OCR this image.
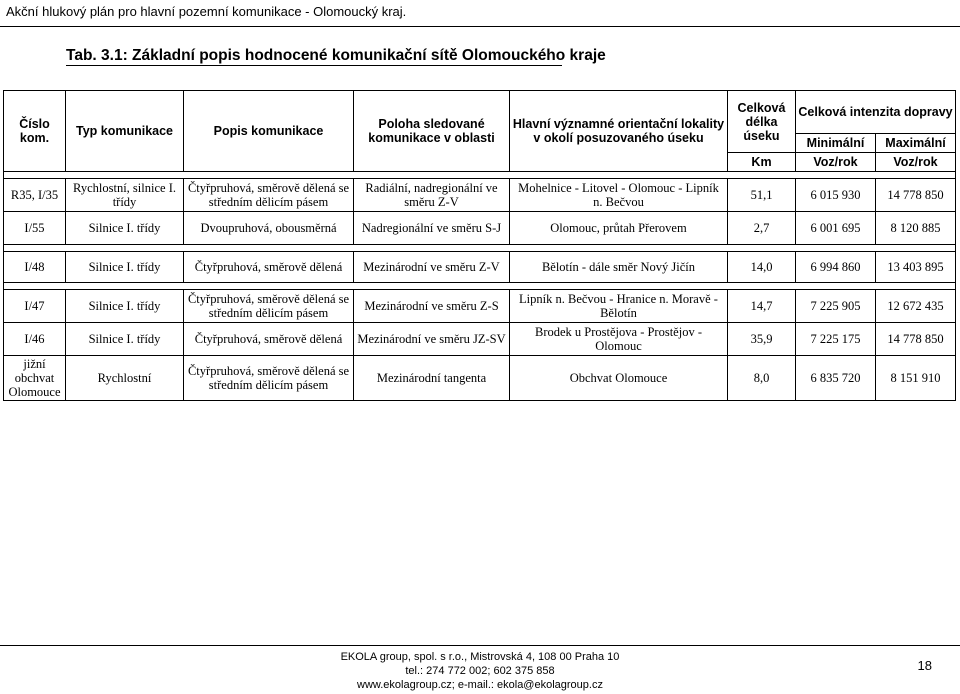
Akční hlukový plán pro hlavní pozemní komunikace - Olomoucký kraj.
Tab. 3.1: Základní popis hodnocené komunikační sítě Olomouckého kraje
Číslo kom.	Typ komunikace	Popis komunikace	Poloha sledované komunikace v oblasti	Hlavní významné orientační lokality v okolí posuzovaného úseku	Celková délka úseku	Celková intenzita dopravy	
						Minimální	Maximální
					Km	Voz/rok	Voz/rok

R35, I/35	Rychlostní, silnice I. třídy	Čtyřpruhová, směrově dělená se středním dělicím pásem	Radiální, nadregionální ve směru Z-V	Mohelnice - Litovel - Olomouc - Lipník n. Bečvou	51,1	6 015 930	14 778 850
I/55	Silnice I. třídy	Dvoupruhová, obousměrná	Nadregionální ve směru S-J	Olomouc, průtah Přerovem	2,7	6 001 695	8 120 885

I/48	Silnice I. třídy	Čtyřpruhová, směrově dělená	Mezinárodní ve směru Z-V	Bělotín - dále směr Nový Jičín	14,0	6 994 860	13 403 895

I/47	Silnice I. třídy	Čtyřpruhová, směrově dělená se středním dělicím pásem	Mezinárodní ve směru Z-S	Lipník n. Bečvou - Hranice n. Moravě - Bělotín	14,7	7 225 905	12 672 435
I/46	Silnice I. třídy	Čtyřpruhová, směrově dělená	Mezinárodní ve směru JZ-SV	Brodek u Prostějova - Prostějov - Olomouc	35,9	7 225 175	14 778 850
jižní obchvat Olomouce	Rychlostní	Čtyřpruhová, směrově dělená se středním dělicím pásem	Mezinárodní tangenta	Obchvat Olomouce	8,0	6 835 720	8 151 910
EKOLA group, spol. s r.o., Mistrovská 4, 108 00 Praha 10
tel.: 274 772 002; 602 375 858
www.ekolagroup.cz; e-mail.: ekola@ekolagroup.cz
18
